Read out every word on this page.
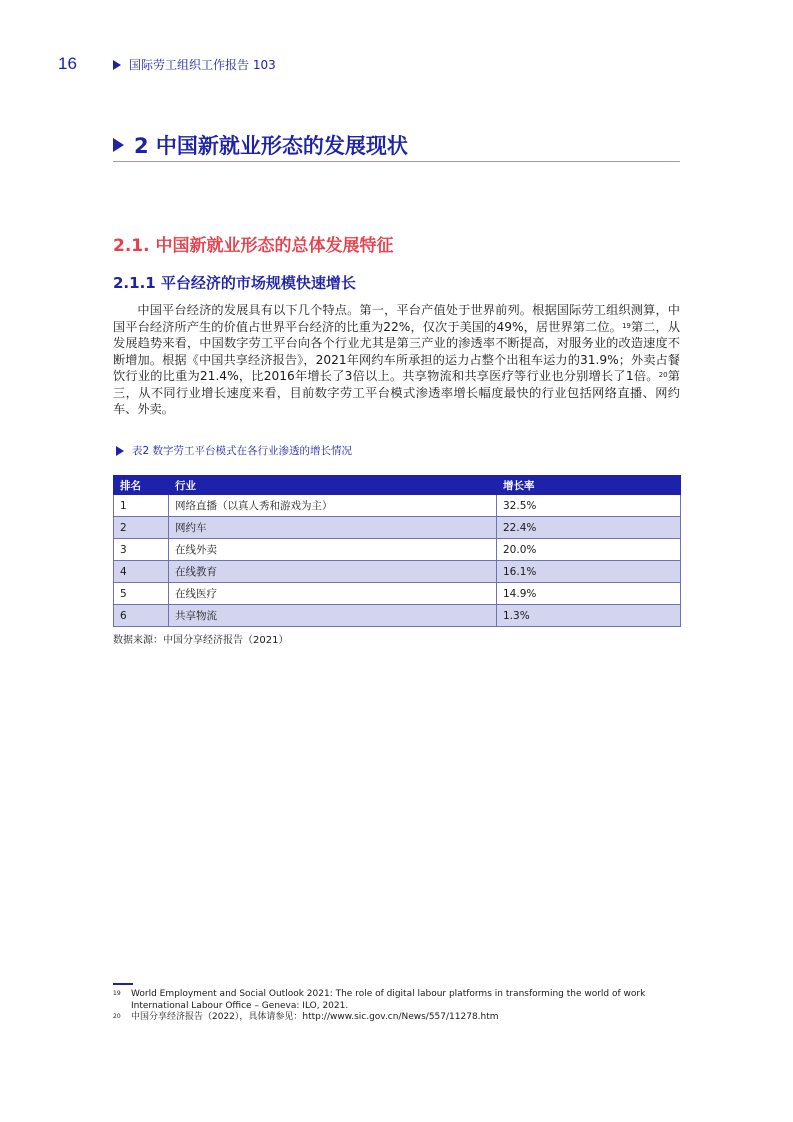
16	国际劳工组织工作报告 103
2 中国新就业形态的发展现状
2.1. 中国新就业形态的总体发展特征
2.1.1 平台经济的市场规模快速增长

中国平台经济的发展具有以下几个特点。第一，平台产值处于世界前列。根据国际劳工组织测算，中国平台经济所产生的价值占世界平台经济的比重为22%，仅次于美国的49%，居世界第二位。$^{19}$第二，从发展趋势来看，中国数字劳工平台向各个行业尤其是第三产业的渗透率不断提高，对服务业的改造速度不断增加。根据《中国共享经济报告》，2021年网约车所承担的运力占整个出租车运力的31.9%；外卖占餐饮行业的比重为21.4%，比2016年增长了3倍以上。共享物流和共享医疗等行业也分别增长了1倍。$^{20}$第三，从不同行业增长速度来看，目前数字劳工平台模式渗透率增长幅度最快的行业包括网络直播、网约车、外卖。

表2 数字劳工平台模式在各行业渗透的增长情况
排名	行业	增长率
1	网络直播（以真人秀和游戏为主）	32.5%
2	网约车	22.4%
3	在线外卖	20.0%
4	在线教育	16.1%
5	在线医疗	14.9%
6	共享物流	1.3%
数据来源：中国分享经济报告（2021）
19	World Employment and Social Outlook 2021: The role of digital labour platforms in transforming the world of work International Labour Office – Geneva: ILO, 2021.
20	中国分享经济报告（2022），具体请参见：http://www.sic.gov.cn/News/557/11278.htm
